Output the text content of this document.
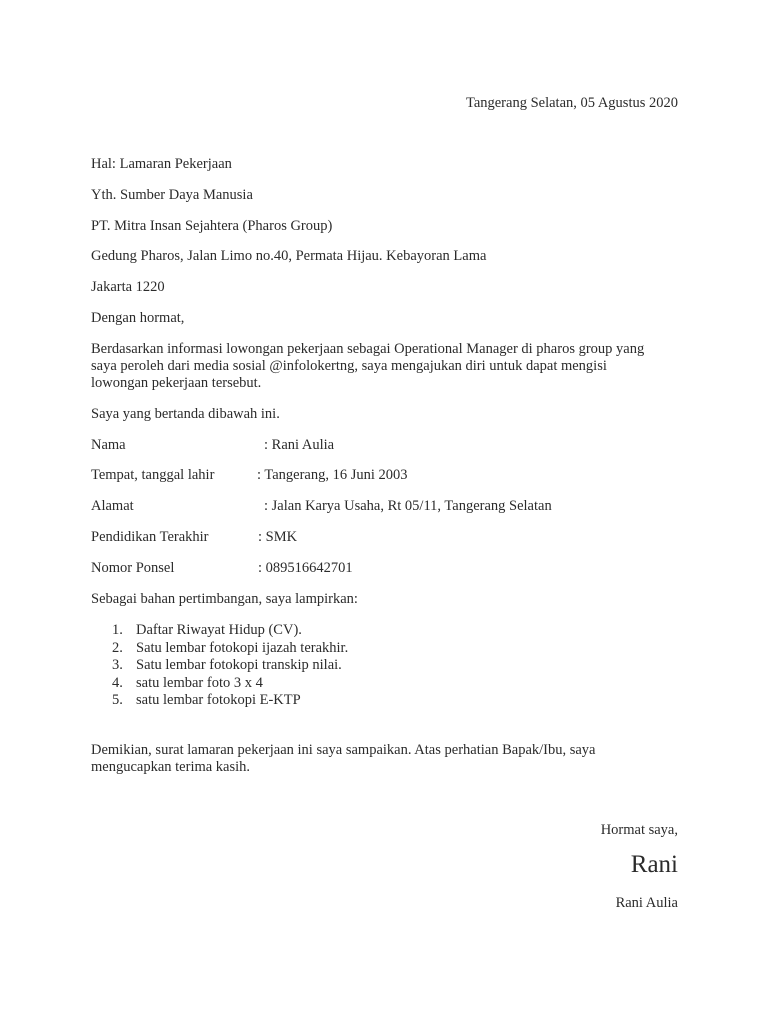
Tangerang Selatan, 05 Agustus 2020
Hal: Lamaran Pekerjaan
Yth. Sumber Daya Manusia
PT. Mitra Insan Sejahtera (Pharos Group)
Gedung Pharos, Jalan Limo no.40, Permata Hijau. Kebayoran Lama
Jakarta 1220
Dengan hormat,
Berdasarkan informasi lowongan pekerjaan sebagai Operational Manager di pharos group yang
saya peroleh dari media sosial @infolokertng, saya mengajukan diri untuk dapat mengisi
lowongan pekerjaan tersebut.
Saya yang bertanda dibawah ini.
Nama	: Rani Aulia
Tempat, tanggal lahir	: Tangerang, 16 Juni 2003
Alamat	: Jalan Karya Usaha, Rt 05/11, Tangerang Selatan
Pendidikan Terakhir	: SMK
Nomor Ponsel	: 089516642701
Sebagai bahan pertimbangan, saya lampirkan:
1. Daftar Riwayat Hidup (CV).
2. Satu lembar fotokopi ijazah terakhir.
3. Satu lembar fotokopi transkip nilai.
4. satu lembar foto 3 x 4
5. satu lembar fotokopi E-KTP
Demikian, surat lamaran pekerjaan ini saya sampaikan. Atas perhatian Bapak/Ibu, saya
mengucapkan terima kasih.
Hormat saya,
Rani
Rani Aulia
